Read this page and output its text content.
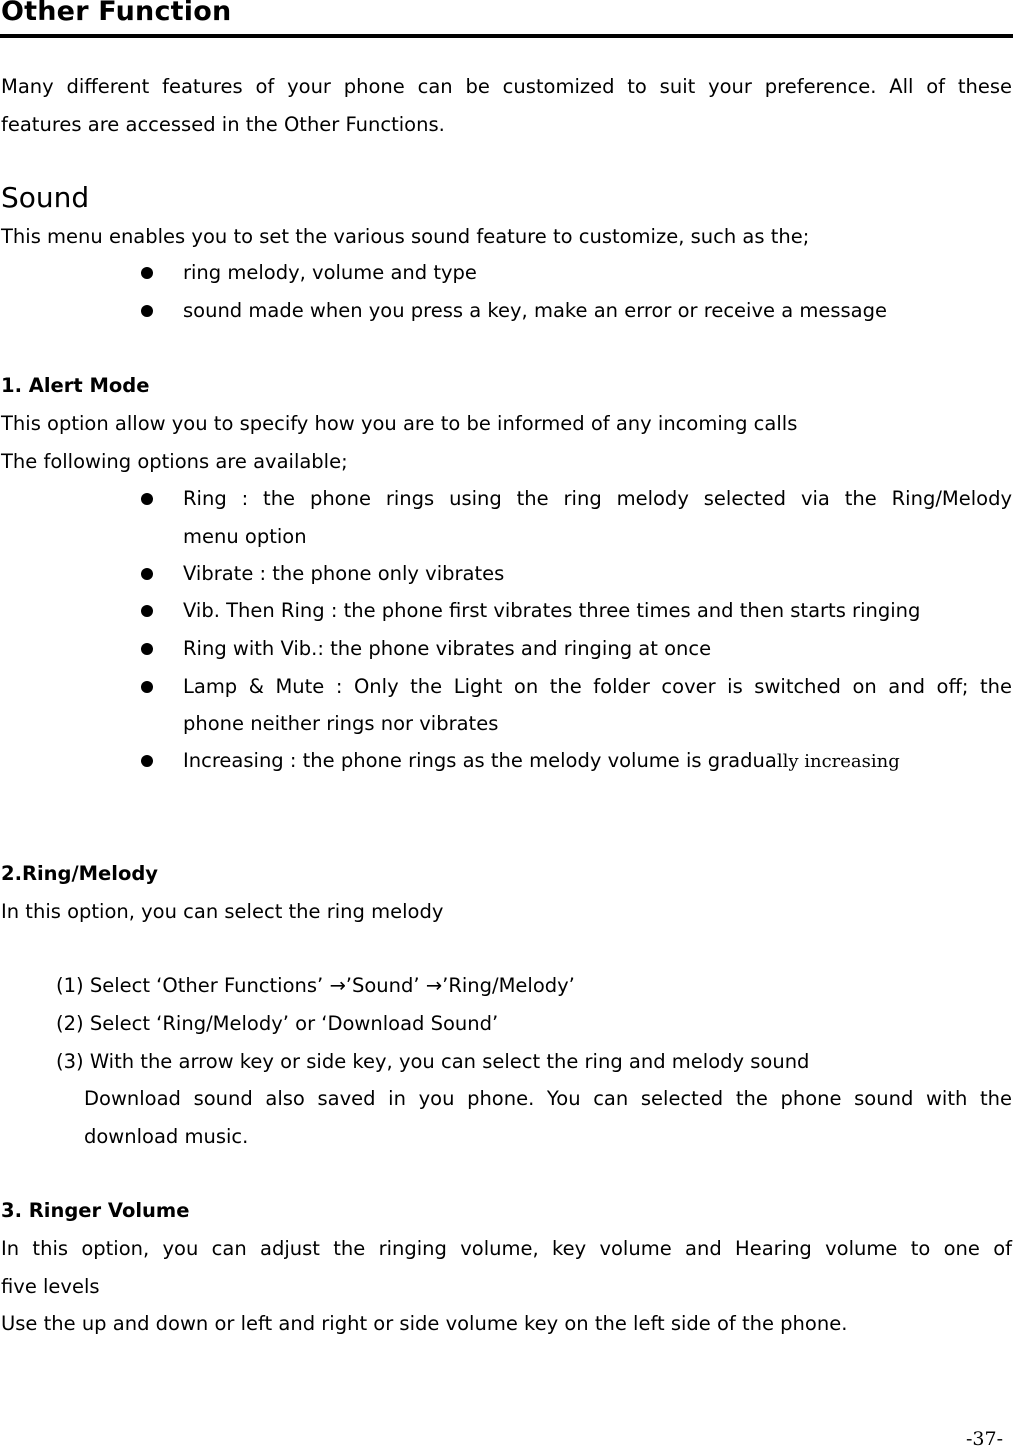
Other Function
Many different features of your phone can be customized to suit your preference. All of these
features are accessed in the Other Functions.
Sound
This menu enables you to set the various sound feature to customize, such as the;
ring melody, volume and type
sound made when you press a key, make an error or receive a message
1. Alert Mode
This option allow you to specify how you are to be informed of any incoming calls
The following options are available;
Ring : the phone rings using the ring melody selected via the Ring/Melody
menu option
Vibrate : the phone only vibrates
Vib. Then Ring : the phone first vibrates three times and then starts ringing
Ring with Vib.: the phone vibrates and ringing at once
Lamp & Mute : Only the Light on the folder cover is switched on and off; the
phone neither rings nor vibrates
Increasing : the phone rings as the melody volume is gradually increasing
2.Ring/Melody
In this option, you can select the ring melody
(1) Select ‘Other Functions’ →’Sound’ →’Ring/Melody’
(2) Select ‘Ring/Melody’ or ‘Download Sound’
(3) With the arrow key or side key, you can select the ring and melody sound
Download sound also saved in you phone. You can selected the phone sound with the
download music.
3. Ringer Volume
In this option, you can adjust the ringing volume, key volume and Hearing volume to one of
five levels
Use the up and down or left and right or side volume key on the left side of the phone.
-37-
